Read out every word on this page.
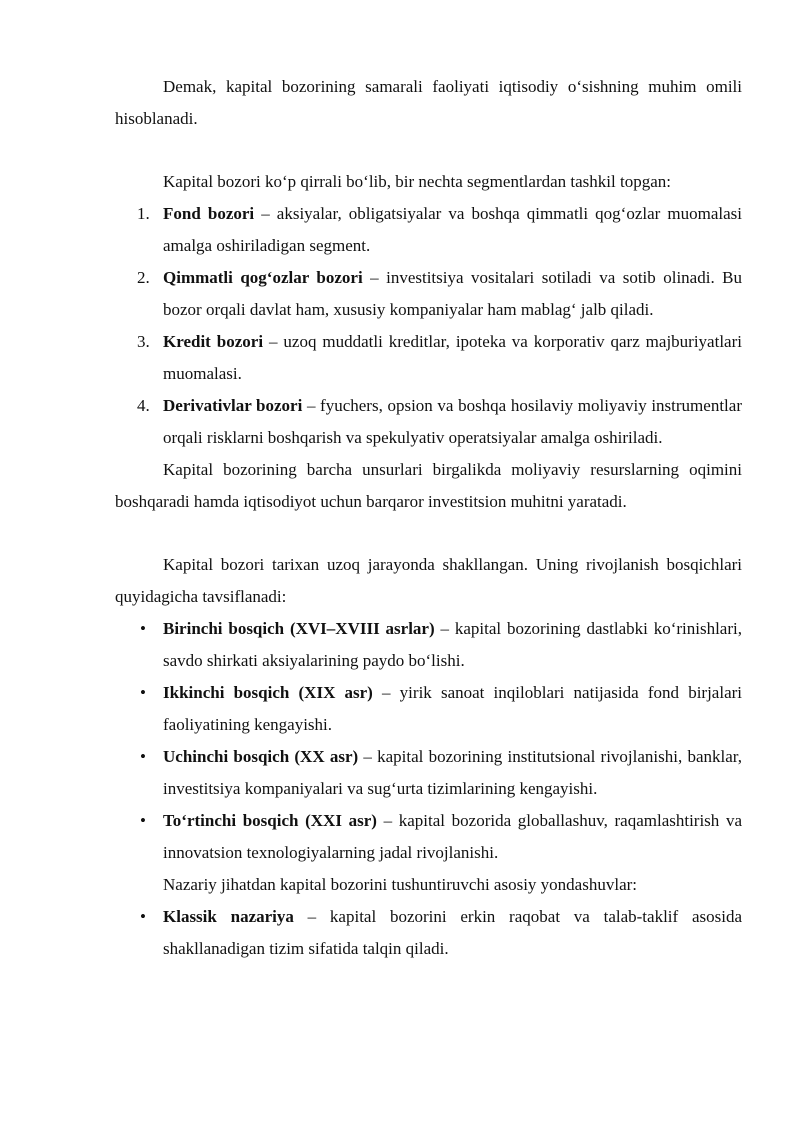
Demak, kapital bozorining samarali faoliyati iqtisodiy o‘sishning muhim omili hisoblanadi.

Kapital bozori ko‘p qirrali bo‘lib, bir nechta segmentlardan tashkil topgan:

1. Fond bozori – aksiyalar, obligatsiyalar va boshqa qimmatli qog‘ozlar muomalasi amalga oshiriladigan segment.
2. Qimmatli qog‘ozlar bozori – investitsiya vositalari sotiladi va sotib olinadi. Bu bozor orqali davlat ham, xususiy kompaniyalar ham mablag‘ jalb qiladi.
3. Kredit bozori – uzoq muddatli kreditlar, ipoteka va korporativ qarz majburiyatlari muomalasi.
4. Derivativlar bozori – fyuchers, opsion va boshqa hosilaviy moliyaviy instrumentlar orqali risklarni boshqarish va spekulyativ operatsiyalar amalga oshiriladi.

Kapital bozorining barcha unsurlari birgalikda moliyaviy resurslarning oqimini boshqaradi hamda iqtisodiyot uchun barqaror investitsion muhitni yaratadi.

Kapital bozori tarixan uzoq jarayonda shakllangan. Uning rivojlanish bosqichlari quyidagicha tavsiflanadi:

• Birinchi bosqich (XVI–XVIII asrlar) – kapital bozorining dastlabki ko‘rinishlari, savdo shirkati aksiyalarining paydo bo‘lishi.
• Ikkinchi bosqich (XIX asr) – yirik sanoat inqiloblari natijasida fond birjalari faoliyatining kengayishi.
• Uchinchi bosqich (XX asr) – kapital bozorining institutsional rivojlanishi, banklar, investitsiya kompaniyalari va sug‘urta tizimlarining kengayishi.
• To‘rtinchi bosqich (XXI asr) – kapital bozorida globallashuv, raqamlashtirish va innovatsion texnologiyalarning jadal rivojlanishi.

Nazariy jihatdan kapital bozorini tushuntiruvchi asosiy yondashuvlar:

• Klassik nazariya – kapital bozorini erkin raqobat va talab-taklif asosida shakllanadigan tizim sifatida talqin qiladi.
